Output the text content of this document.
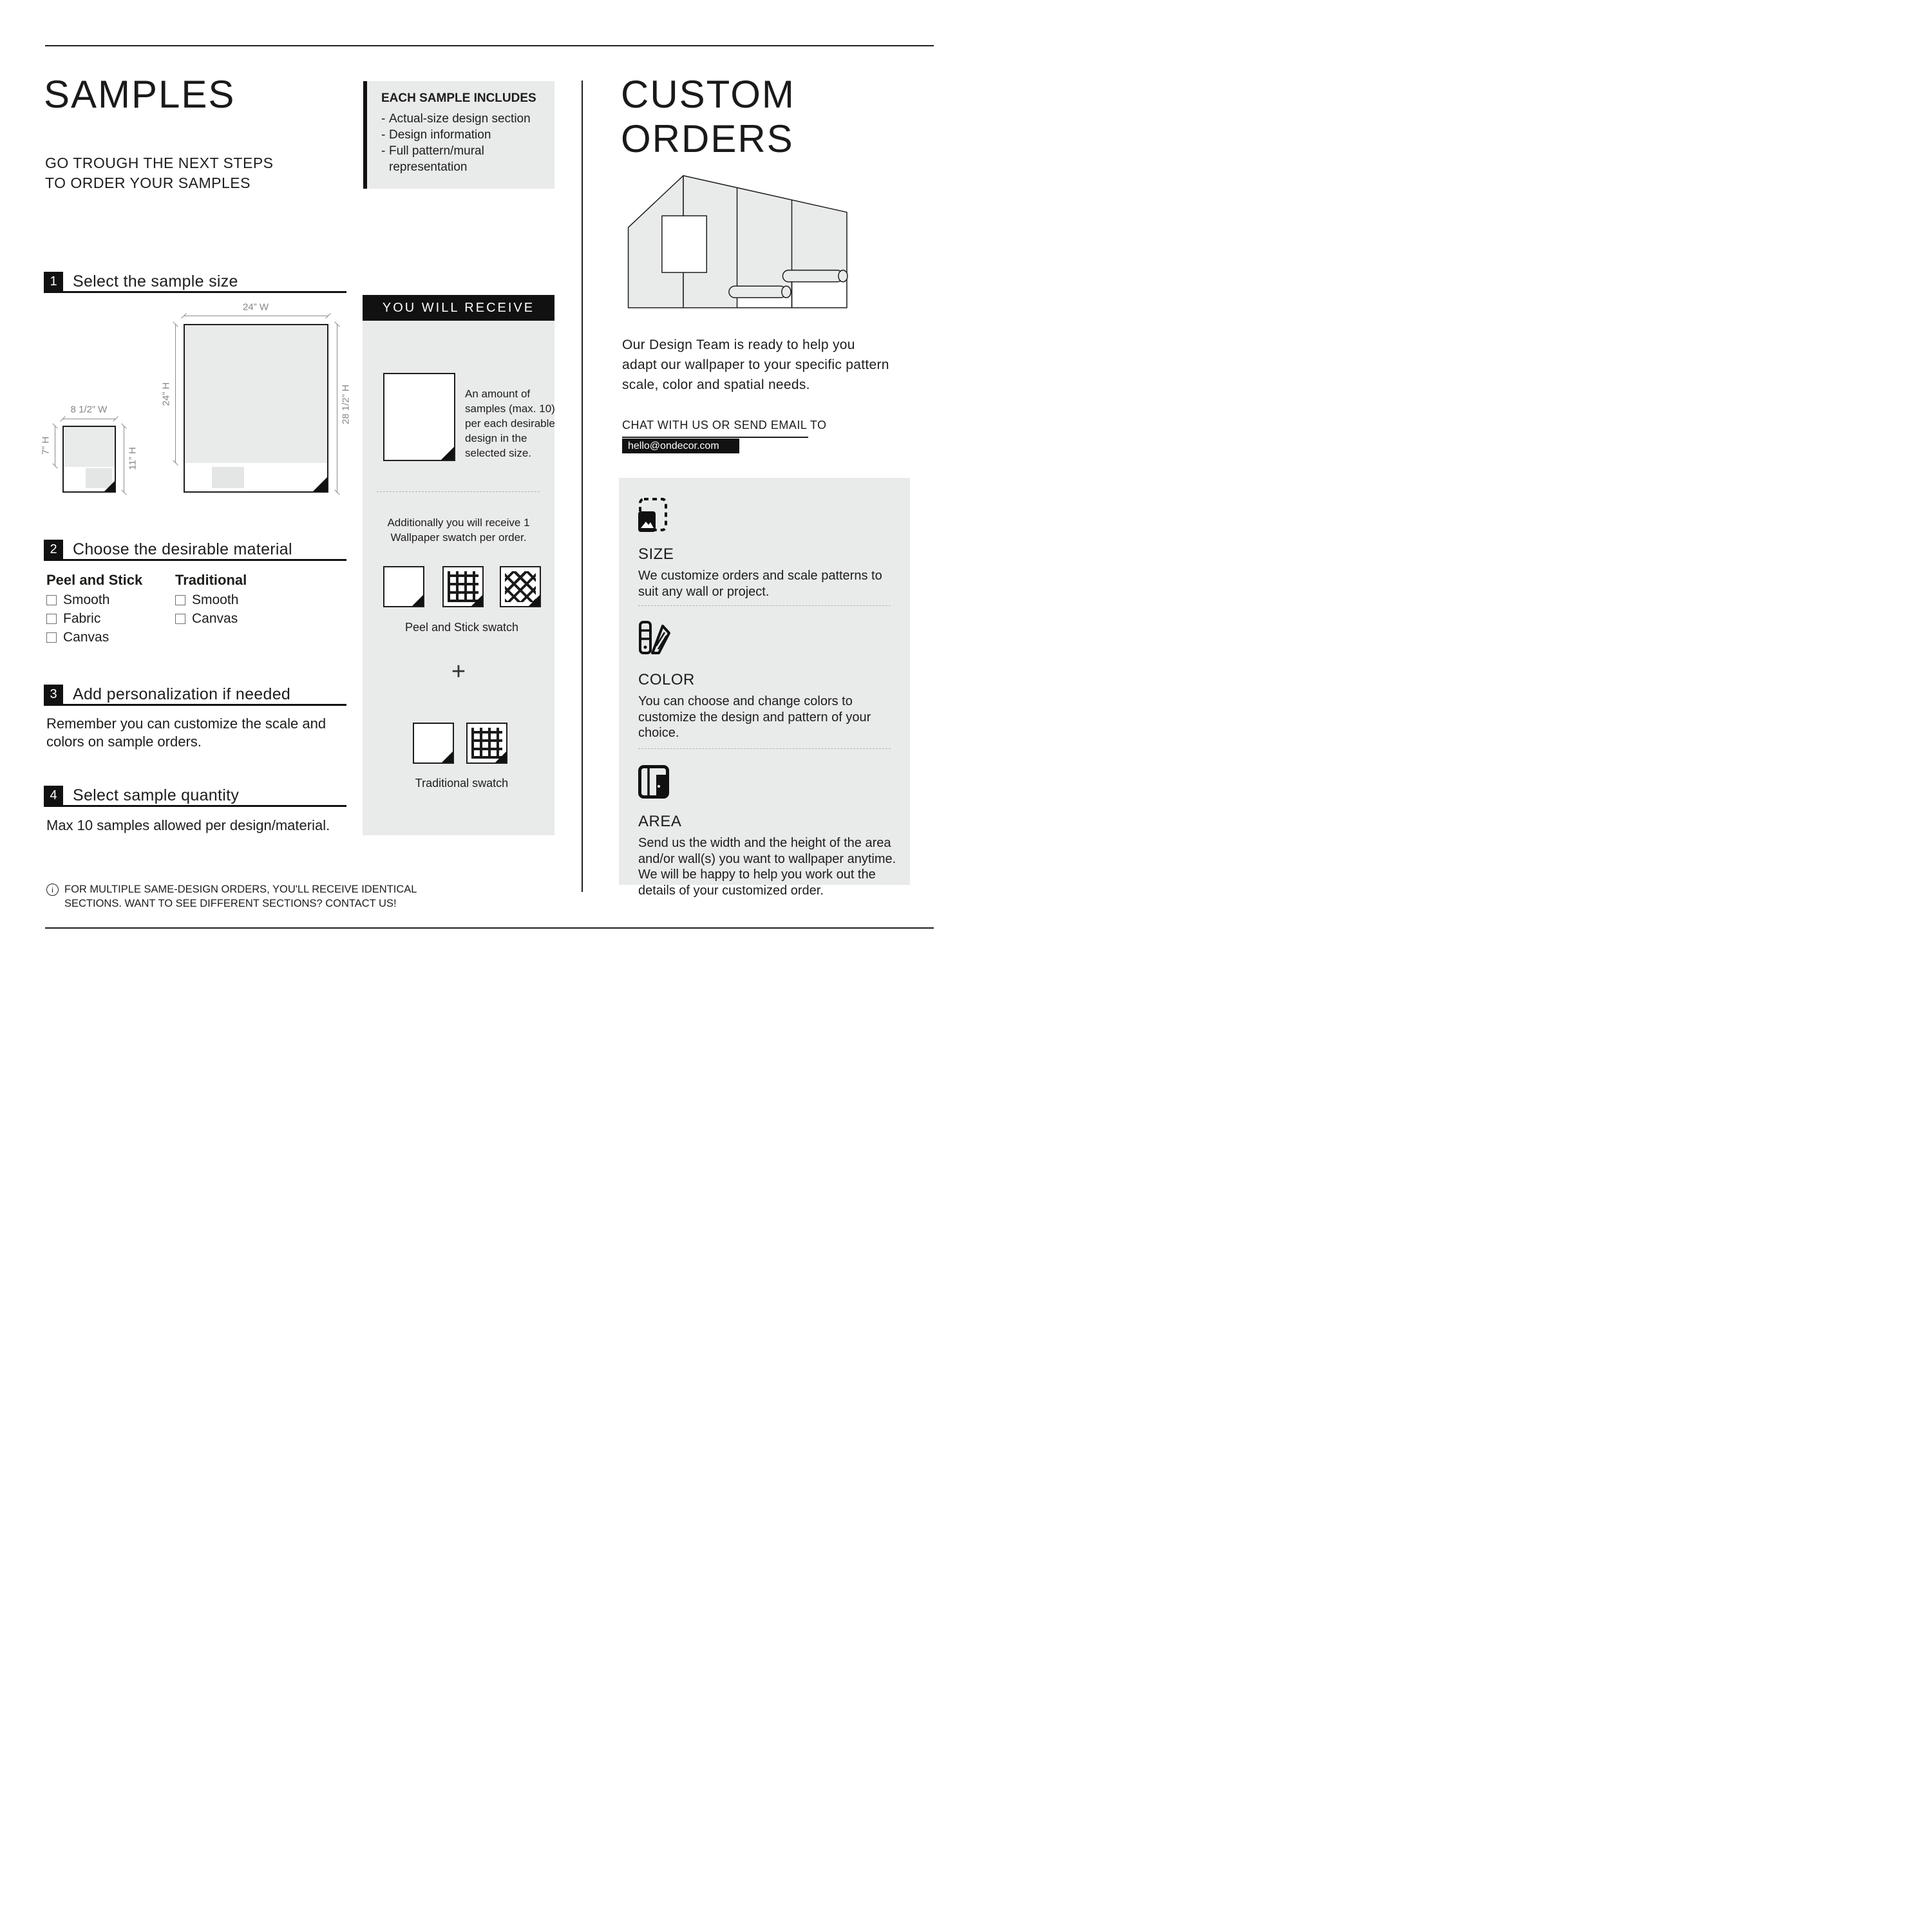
SAMPLES
GO TROUGH THE NEXT STEPS TO ORDER YOUR SAMPLES
EACH SAMPLE INCLUDES
- Actual-size design section
- Design information
- Full pattern/mural representation
1 Select the sample size
24” W
24” H	28 1/2” H
8 1/2” W
7” H
11” H
2 Choose the desirable material
Peel and Stick Traditional
Smooth
Fabric
Canvas
Smooth
Canvas
3 Add personalization if needed
Remember you can customize the scale and colors on sample orders.
4 Select sample quantity
Max 10 samples allowed per design/material.
i	FOR MULTIPLE SAME-DESIGN ORDERS, YOU'LL RECEIVE IDENTICAL SECTIONS. WANT TO SEE DIFFERENT SECTIONS? CONTACT US!
YOU WILL RECEIVE
An amount of samples (max. 10) per each desirable design in the selected size.
Additionally you will receive 1 Wallpaper swatch per order.
Peel and Stick swatch
+
Traditional swatch
CUSTOM ORDERS
Our Design Team is ready to help you adapt our wallpaper to your specific pattern scale, color and spatial needs.
CHAT WITH US OR SEND EMAIL TO
hello@ondecor.com
SIZE
We customize orders and scale patterns to suit any wall or project.
COLOR
You can choose and change colors to customize the design and pattern of your choice.
AREA
Send us the width and the height of the area and/or wall(s) you want to wallpaper anytime. We will be happy to help you work out the details of your customized order.
